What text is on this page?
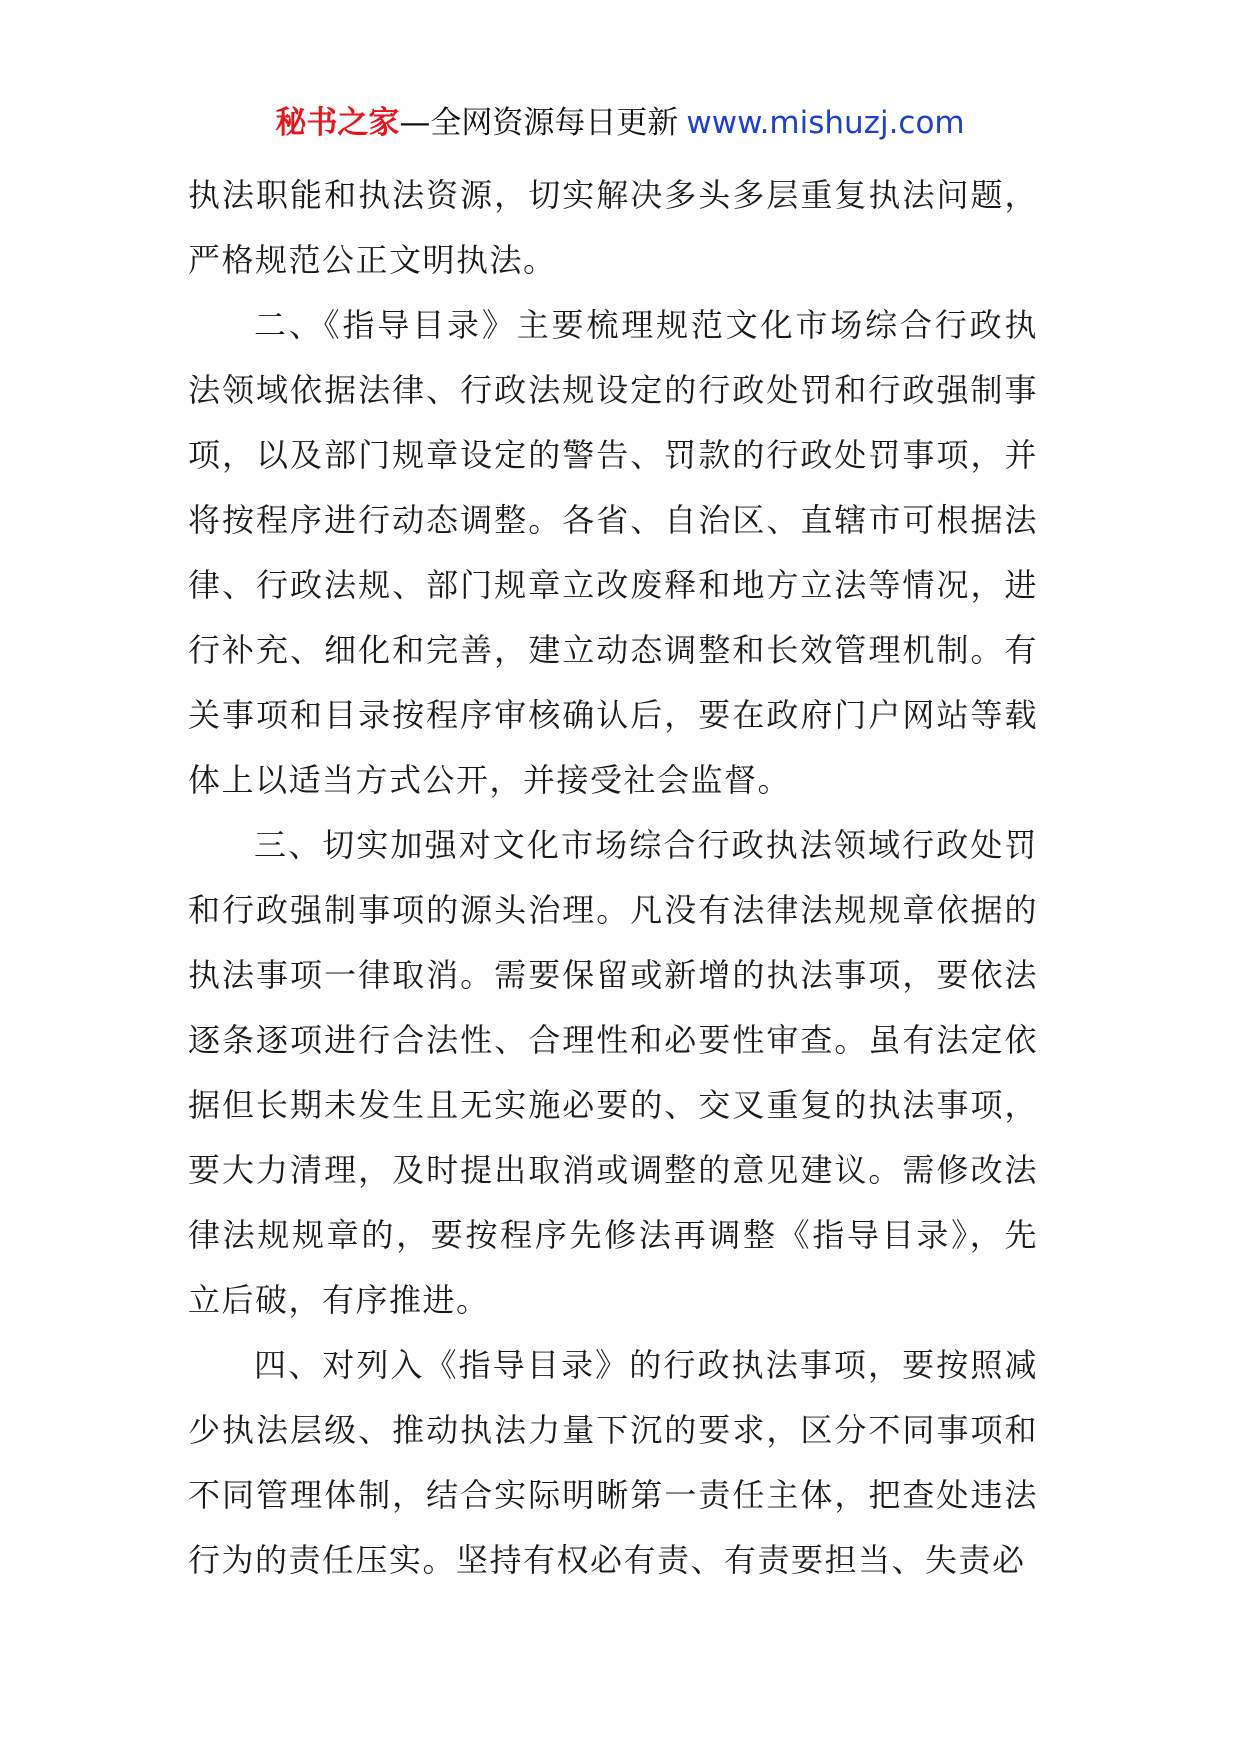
秘书之家—全网资源每日更新 www.mishuzj.com

执法职能和执法资源，切实解决多头多层重复执法问题，严格规范公正文明执法。

二、《指导目录》主要梳理规范文化市场综合行政执法领域依据法律、行政法规设定的行政处罚和行政强制事项，以及部门规章设定的警告、罚款的行政处罚事项，并将按程序进行动态调整。各省、自治区、直辖市可根据法律、行政法规、部门规章立改废释和地方立法等情况，进行补充、细化和完善，建立动态调整和长效管理机制。有关事项和目录按程序审核确认后，要在政府门户网站等载体上以适当方式公开，并接受社会监督。

三、切实加强对文化市场综合行政执法领域行政处罚和行政强制事项的源头治理。凡没有法律法规规章依据的执法事项一律取消。需要保留或新增的执法事项，要依法逐条逐项进行合法性、合理性和必要性审查。虽有法定依据但长期未发生且无实施必要的、交叉重复的执法事项，要大力清理，及时提出取消或调整的意见建议。需修改法律法规规章的，要按程序先修法再调整《指导目录》，先立后破，有序推进。

四、对列入《指导目录》的行政执法事项，要按照减少执法层级、推动执法力量下沉的要求，区分不同事项和不同管理体制，结合实际明晰第一责任主体，把查处违法行为的责任压实。坚持有权必有责、有责要担当、失责必
